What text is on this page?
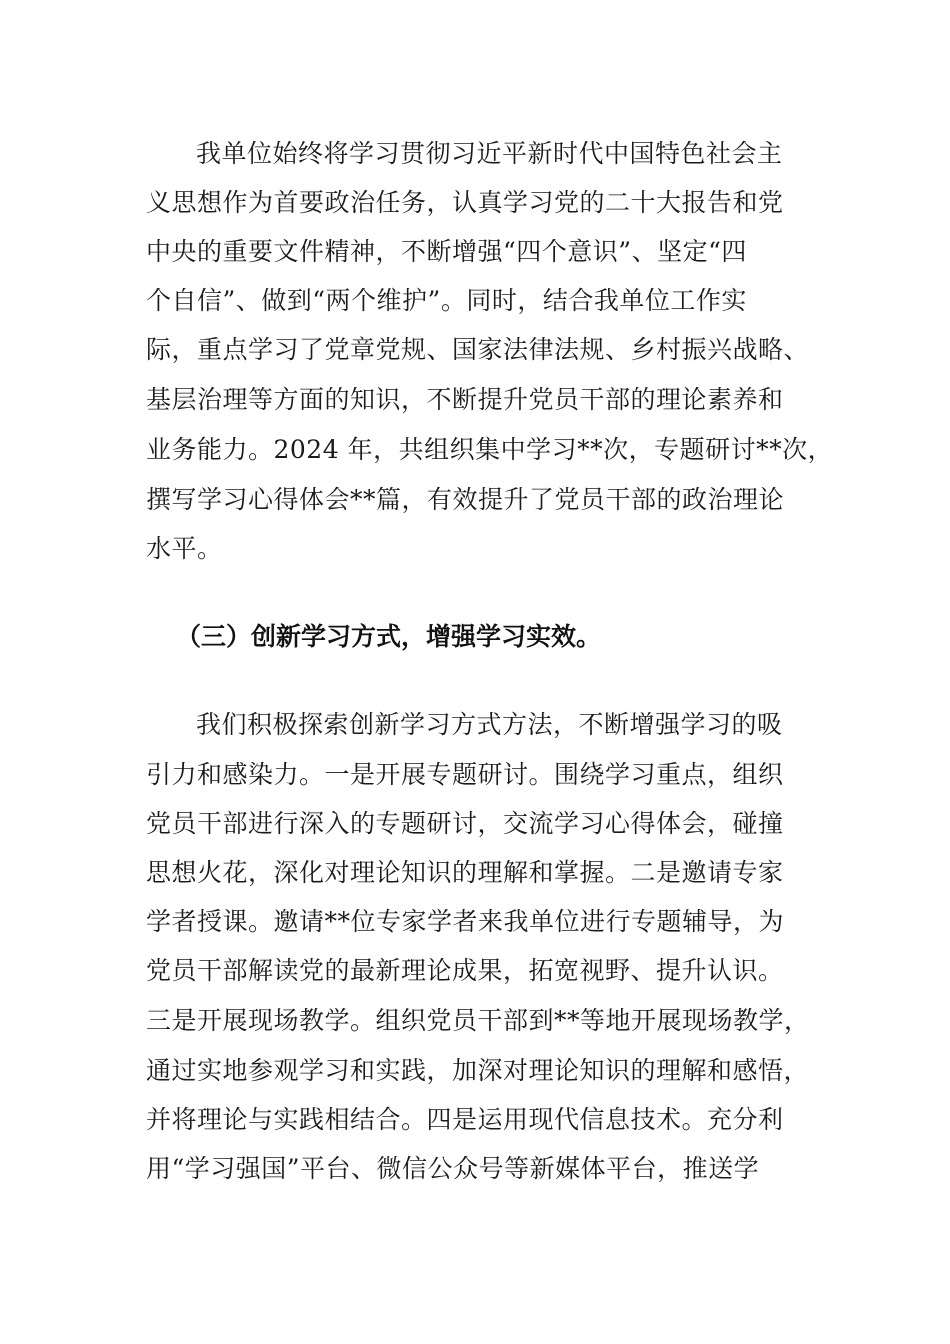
我单位始终将学习贯彻习近平新时代中国特色社会主
义思想作为首要政治任务，认真学习党的二十大报告和党
中央的重要文件精神，不断增强“四个意识”、坚定“四
个自信”、做到“两个维护”。同时，结合我单位工作实
际，重点学习了党章党规、国家法律法规、乡村振兴战略、
基层治理等方面的知识，不断提升党员干部的理论素养和
业务能力。2024 年，共组织集中学习**次，专题研讨**次，
撰写学习心得体会**篇，有效提升了党员干部的政治理论
水平。
（三）创新学习方式，增强学习实效。
我们积极探索创新学习方式方法，不断增强学习的吸
引力和感染力。一是开展专题研讨。围绕学习重点，组织
党员干部进行深入的专题研讨，交流学习心得体会，碰撞
思想火花，深化对理论知识的理解和掌握。二是邀请专家
学者授课。邀请**位专家学者来我单位进行专题辅导，为
党员干部解读党的最新理论成果，拓宽视野、提升认识。
三是开展现场教学。组织党员干部到**等地开展现场教学，
通过实地参观学习和实践，加深对理论知识的理解和感悟，
并将理论与实践相结合。四是运用现代信息技术。充分利
用“学习强国”平台、微信公众号等新媒体平台，推送学
